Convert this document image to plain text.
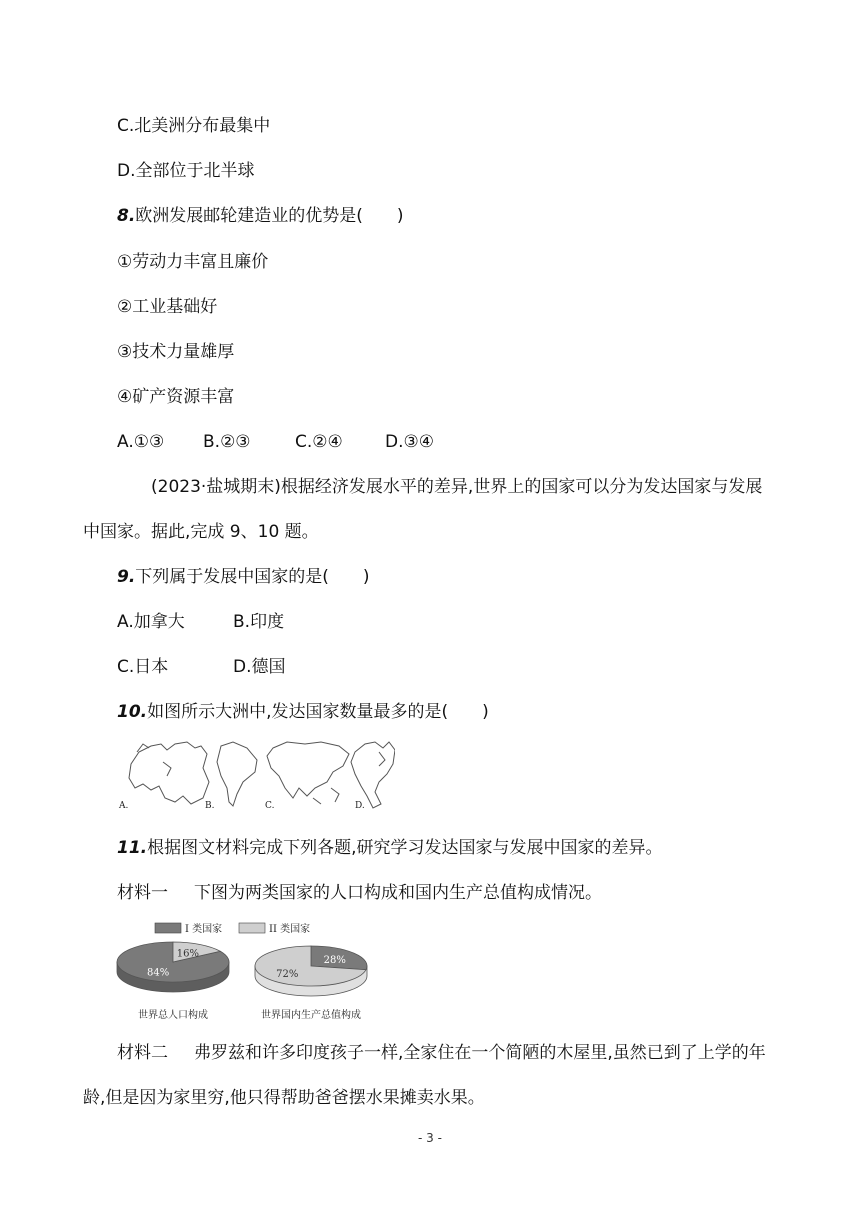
C.北美洲分布最集中
D.全部位于北半球
8.欧洲发展邮轮建造业的优势是(　　)
①劳动力丰富且廉价
②工业基础好
③技术力量雄厚
④矿产资源丰富
A.①③ B.②③	C.②④ D.③④
(2023·盐城期末)根据经济发展水平的差异,世界上的国家可以分为发达国家与发展
中国家。据此,完成 9、10 题。
9.下列属于发展中国家的是(　　)
A.加拿大	B.印度
C.日本	D.德国
10.如图所示大洲中,发达国家数量最多的是(　　)
A.	B.	C.	D.
11.根据图文材料完成下列各题,研究学习发达国家与发展中国家的差异。
材料一 下图为两类国家的人口构成和国内生产总值构成情况。
I 类国家	II 类国家
84%
16%
28%
72%
世界总人口构成	世界国内生产总值构成
材料二 弗罗兹和许多印度孩子一样,全家住在一个简陋的木屋里,虽然已到了上学的年
龄,但是因为家里穷,他只得帮助爸爸摆水果摊卖水果。
- 3 -
